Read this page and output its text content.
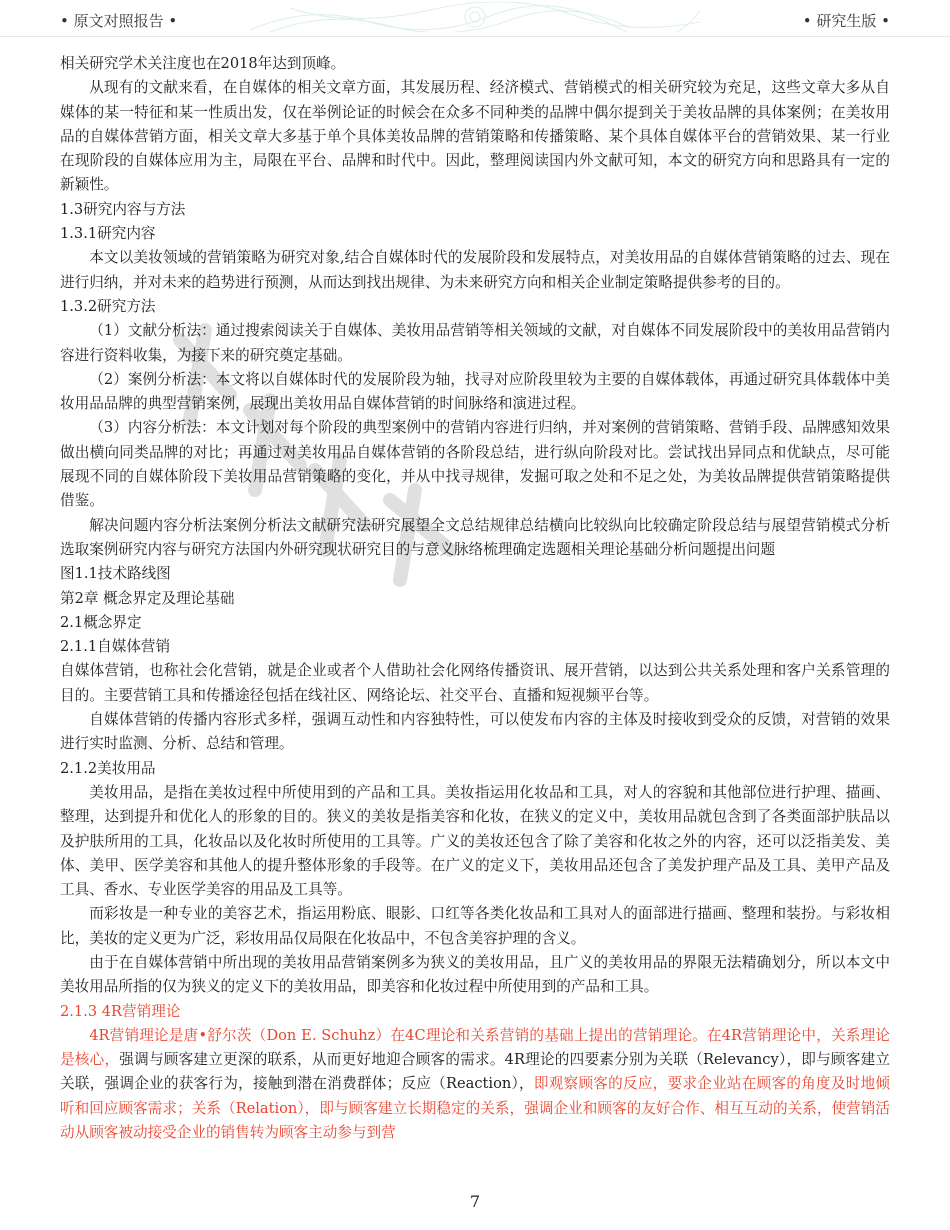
• 原文对照报告 •	• 研究生版 •

相关研究学术关注度也在2018年达到顶峰。

从现有的文献来看，在自媒体的相关文章方面，其发展历程、经济模式、营销模式的相关研究较为充足，这些文章大多从自媒体的某一特征和某一性质出发，仅在举例论证的时候会在众多不同种类的品牌中偶尔提到关于美妆品牌的具体案例；在美妆用品的自媒体营销方面，相关文章大多基于单个具体美妆品牌的营销策略和传播策略、某个具体自媒体平台的营销效果、某一行业在现阶段的自媒体应用为主，局限在平台、品牌和时代中。因此，整理阅读国内外文献可知，本文的研究方向和思路具有一定的新颖性。

1.3研究内容与方法

1.3.1研究内容

本文以美妆领域的营销策略为研究对象,结合自媒体时代的发展阶段和发展特点，对美妆用品的自媒体营销策略的过去、现在进行归纳，并对未来的趋势进行预测，从而达到找出规律、为未来研究方向和相关企业制定策略提供参考的目的。

1.3.2研究方法

（1）文献分析法：通过搜索阅读关于自媒体、美妆用品营销等相关领域的文献，对自媒体不同发展阶段中的美妆用品营销内容进行资料收集，为接下来的研究奠定基础。

（2）案例分析法：本文将以自媒体时代的发展阶段为轴，找寻对应阶段里较为主要的自媒体载体，再通过研究具体载体中美妆用品品牌的典型营销案例，展现出美妆用品自媒体营销的时间脉络和演进过程。

（3）内容分析法：本文计划对每个阶段的典型案例中的营销内容进行归纳，并对案例的营销策略、营销手段、品牌感知效果做出横向同类品牌的对比；再通过对美妆用品自媒体营销的各阶段总结，进行纵向阶段对比。尝试找出异同点和优缺点，尽可能展现不同的自媒体阶段下美妆用品营销策略的变化，并从中找寻规律，发掘可取之处和不足之处，为美妆品牌提供营销策略提供借鉴。

解决问题内容分析法案例分析法文献研究法研究展望全文总结规律总结横向比较纵向比较确定阶段总结与展望营销模式分析选取案例研究内容与研究方法国内外研究现状研究目的与意义脉络梳理确定选题相关理论基础分析问题提出问题

图1.1技术路线图

第2章 概念界定及理论基础

2.1概念界定

2.1.1自媒体营销

自媒体营销，也称社会化营销，就是企业或者个人借助社会化网络传播资讯、展开营销，以达到公共关系处理和客户关系管理的目的。主要营销工具和传播途径包括在线社区、网络论坛、社交平台、直播和短视频平台等。

自媒体营销的传播内容形式多样，强调互动性和内容独特性，可以使发布内容的主体及时接收到受众的反馈，对营销的效果进行实时监测、分析、总结和管理。

2.1.2美妆用品

美妆用品，是指在美妆过程中所使用到的产品和工具。美妆指运用化妆品和工具，对人的容貌和其他部位进行护理、描画、整理，达到提升和优化人的形象的目的。狭义的美妆是指美容和化妆，在狭义的定义中，美妆用品就包含到了各类面部护肤品以及护肤所用的工具，化妆品以及化妆时所使用的工具等。广义的美妆还包含了除了美容和化妆之外的内容，还可以泛指美发、美体、美甲、医学美容和其他人的提升整体形象的手段等。在广义的定义下，美妆用品还包含了美发护理产品及工具、美甲产品及工具、香水、专业医学美容的用品及工具等。

而彩妆是一种专业的美容艺术，指运用粉底、眼影、口红等各类化妆品和工具对人的面部进行描画、整理和装扮。与彩妆相比，美妆的定义更为广泛，彩妆用品仅局限在化妆品中，不包含美容护理的含义。

由于在自媒体营销中所出现的美妆用品营销案例多为狭义的美妆用品，且广义的美妆用品的界限无法精确划分，所以本文中美妆用品所指的仅为狭义的定义下的美妆用品，即美容和化妆过程中所使用到的产品和工具。

2.1.3 4R营销理论

4R营销理论是唐•舒尔茨（Don E. Schuhz）在4C理论和关系营销的基础上提出的营销理论。在4R营销理论中，关系理论是核心，强调与顾客建立更深的联系，从而更好地迎合顾客的需求。4R理论的四要素分别为关联（Relevancy），即与顾客建立关联，强调企业的获客行为，接触到潜在消费群体；反应（Reaction），即观察顾客的反应，要求企业站在顾客的角度及时地倾听和回应顾客需求；关系（Relation），即与顾客建立长期稳定的关系，强调企业和顾客的友好合作、相互互动的关系，使营销活动从顾客被动接受企业的销售转为顾客主动参与到营

7
